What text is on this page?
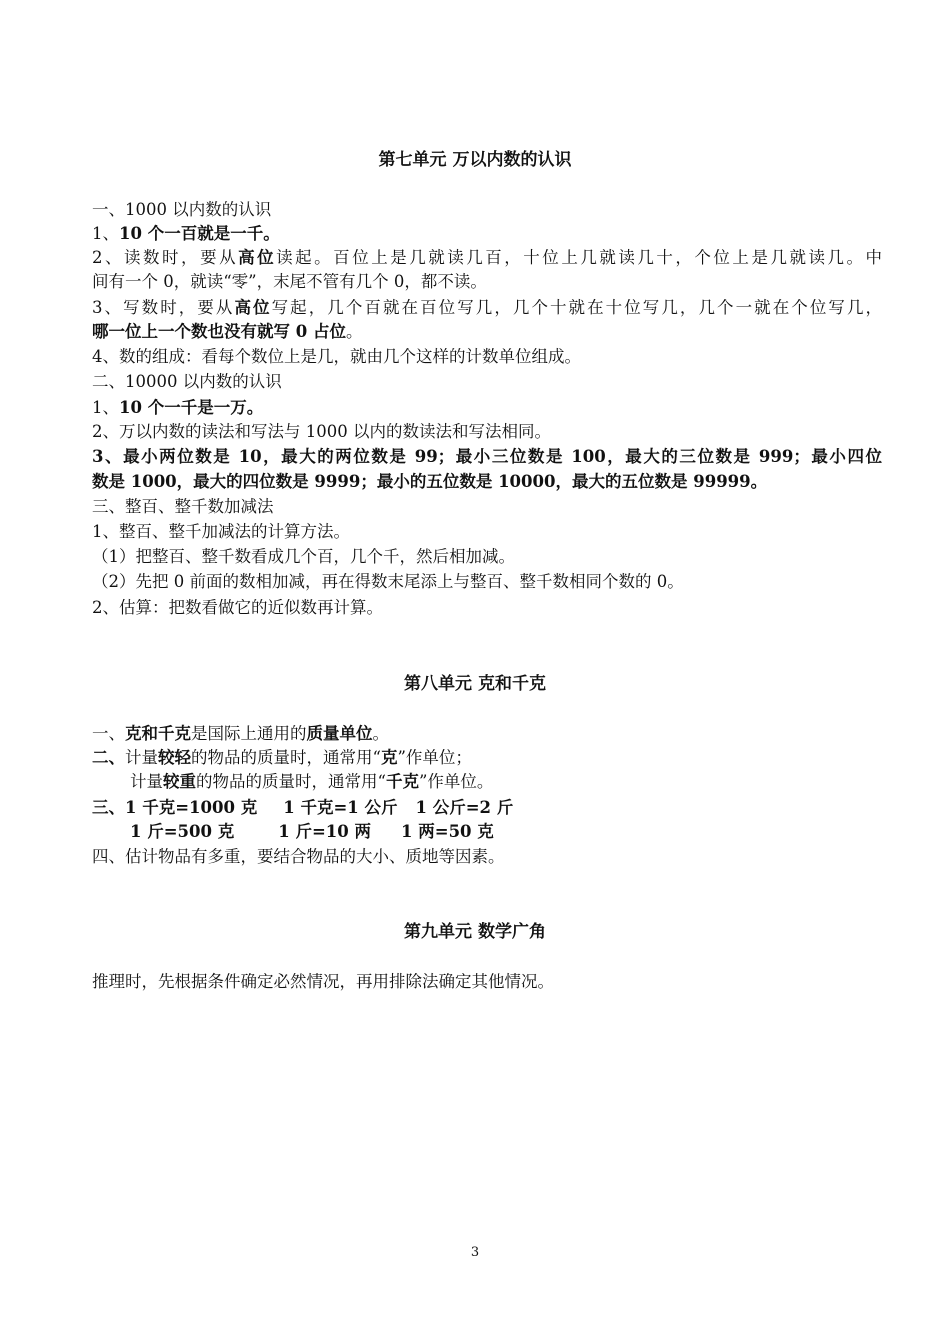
第七单元 万以内数的认识
一、1000 以内数的认识
1、10 个一百就是一千。
2、读数时，要从高位读起。百位上是几就读几百，十位上几就读几十，个位上是几就读几。中
间有一个 0，就读“零”，末尾不管有几个 0，都不读。
3、写数时，要从高位写起，几个百就在百位写几，几个十就在十位写几，几个一就在个位写几，
哪一位上一个数也没有就写 0 占位。
4、数的组成：看每个数位上是几，就由几个这样的计数单位组成。
二、10000 以内数的认识
1、10 个一千是一万。
2、万以内数的读法和写法与 1000 以内的数读法和写法相同。
3、最小两位数是 10，最大的两位数是 99；最小三位数是 100，最大的三位数是 999；最小四位
数是 1000，最大的四位数是 9999；最小的五位数是 10000，最大的五位数是 99999。
三、整百、整千数加减法
1、整百、整千加减法的计算方法。
（1）把整百、整千数看成几个百，几个千，然后相加减。
（2）先把 0 前面的数相加减，再在得数末尾添上与整百、整千数相同个数的 0。
2、估算：把数看做它的近似数再计算。
第八单元 克和千克
一、克和千克是国际上通用的质量单位。
二、计量较轻的物品的质量时，通常用“克”作单位；
计量较重的物品的质量时，通常用“千克”作单位。
三、1 千克=1000 克 1 千克=1 公斤 1 公斤=2 斤
1 斤=500 克	1 斤=10 两 1 两=50 克
四、估计物品有多重，要结合物品的大小、质地等因素。
第九单元 数学广角
推理时，先根据条件确定必然情况，再用排除法确定其他情况。
3
